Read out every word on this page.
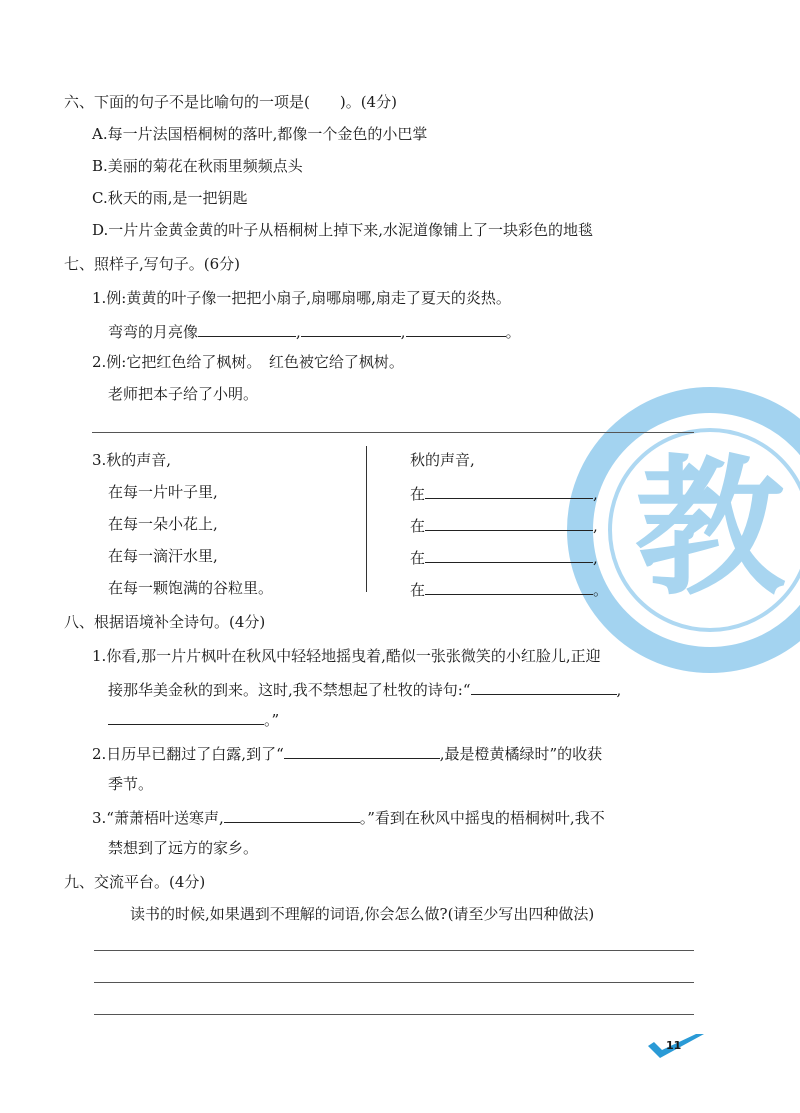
教
六、下面的句子不是比喻句的一项是(　　)。(4分)
A.每一片法国梧桐树的落叶,都像一个金色的小巴掌
B.美丽的菊花在秋雨里频频点头
C.秋天的雨,是一把钥匙
D.一片片金黄金黄的叶子从梧桐树上掉下来,水泥道像铺上了一块彩色的地毯
七、照样子,写句子。(6分)
1.例:黄黄的叶子像一把把小扇子,扇哪扇哪,扇走了夏天的炎热。
弯弯的月亮像	,	,	。
2.例:它把红色给了枫树。　红色被它给了枫树。
老师把本子给了小明。
3.秋的声音,
在每一片叶子里,
在每一朵小花上,
在每一滴汗水里,
在每一颗饱满的谷粒里。
秋的声音,
在	,
在	,
在	,
在	。
八、根据语境补全诗句。(4分)
1.你看,那一片片枫叶在秋风中轻轻地摇曳着,酷似一张张微笑的小红脸儿,正迎
接那华美金秋的到来。这时,我不禁想起了杜牧的诗句:“	,
。”
2.日历早已翻过了白露,到了“	,最是橙黄橘绿时”的收获
季节。
3.“萧萧梧叶送寒声,	。”看到在秋风中摇曳的梧桐树叶,我不
禁想到了远方的家乡。
九、交流平台。(4分)
读书的时候,如果遇到不理解的词语,你会怎么做?(请至少写出四种做法)
11
